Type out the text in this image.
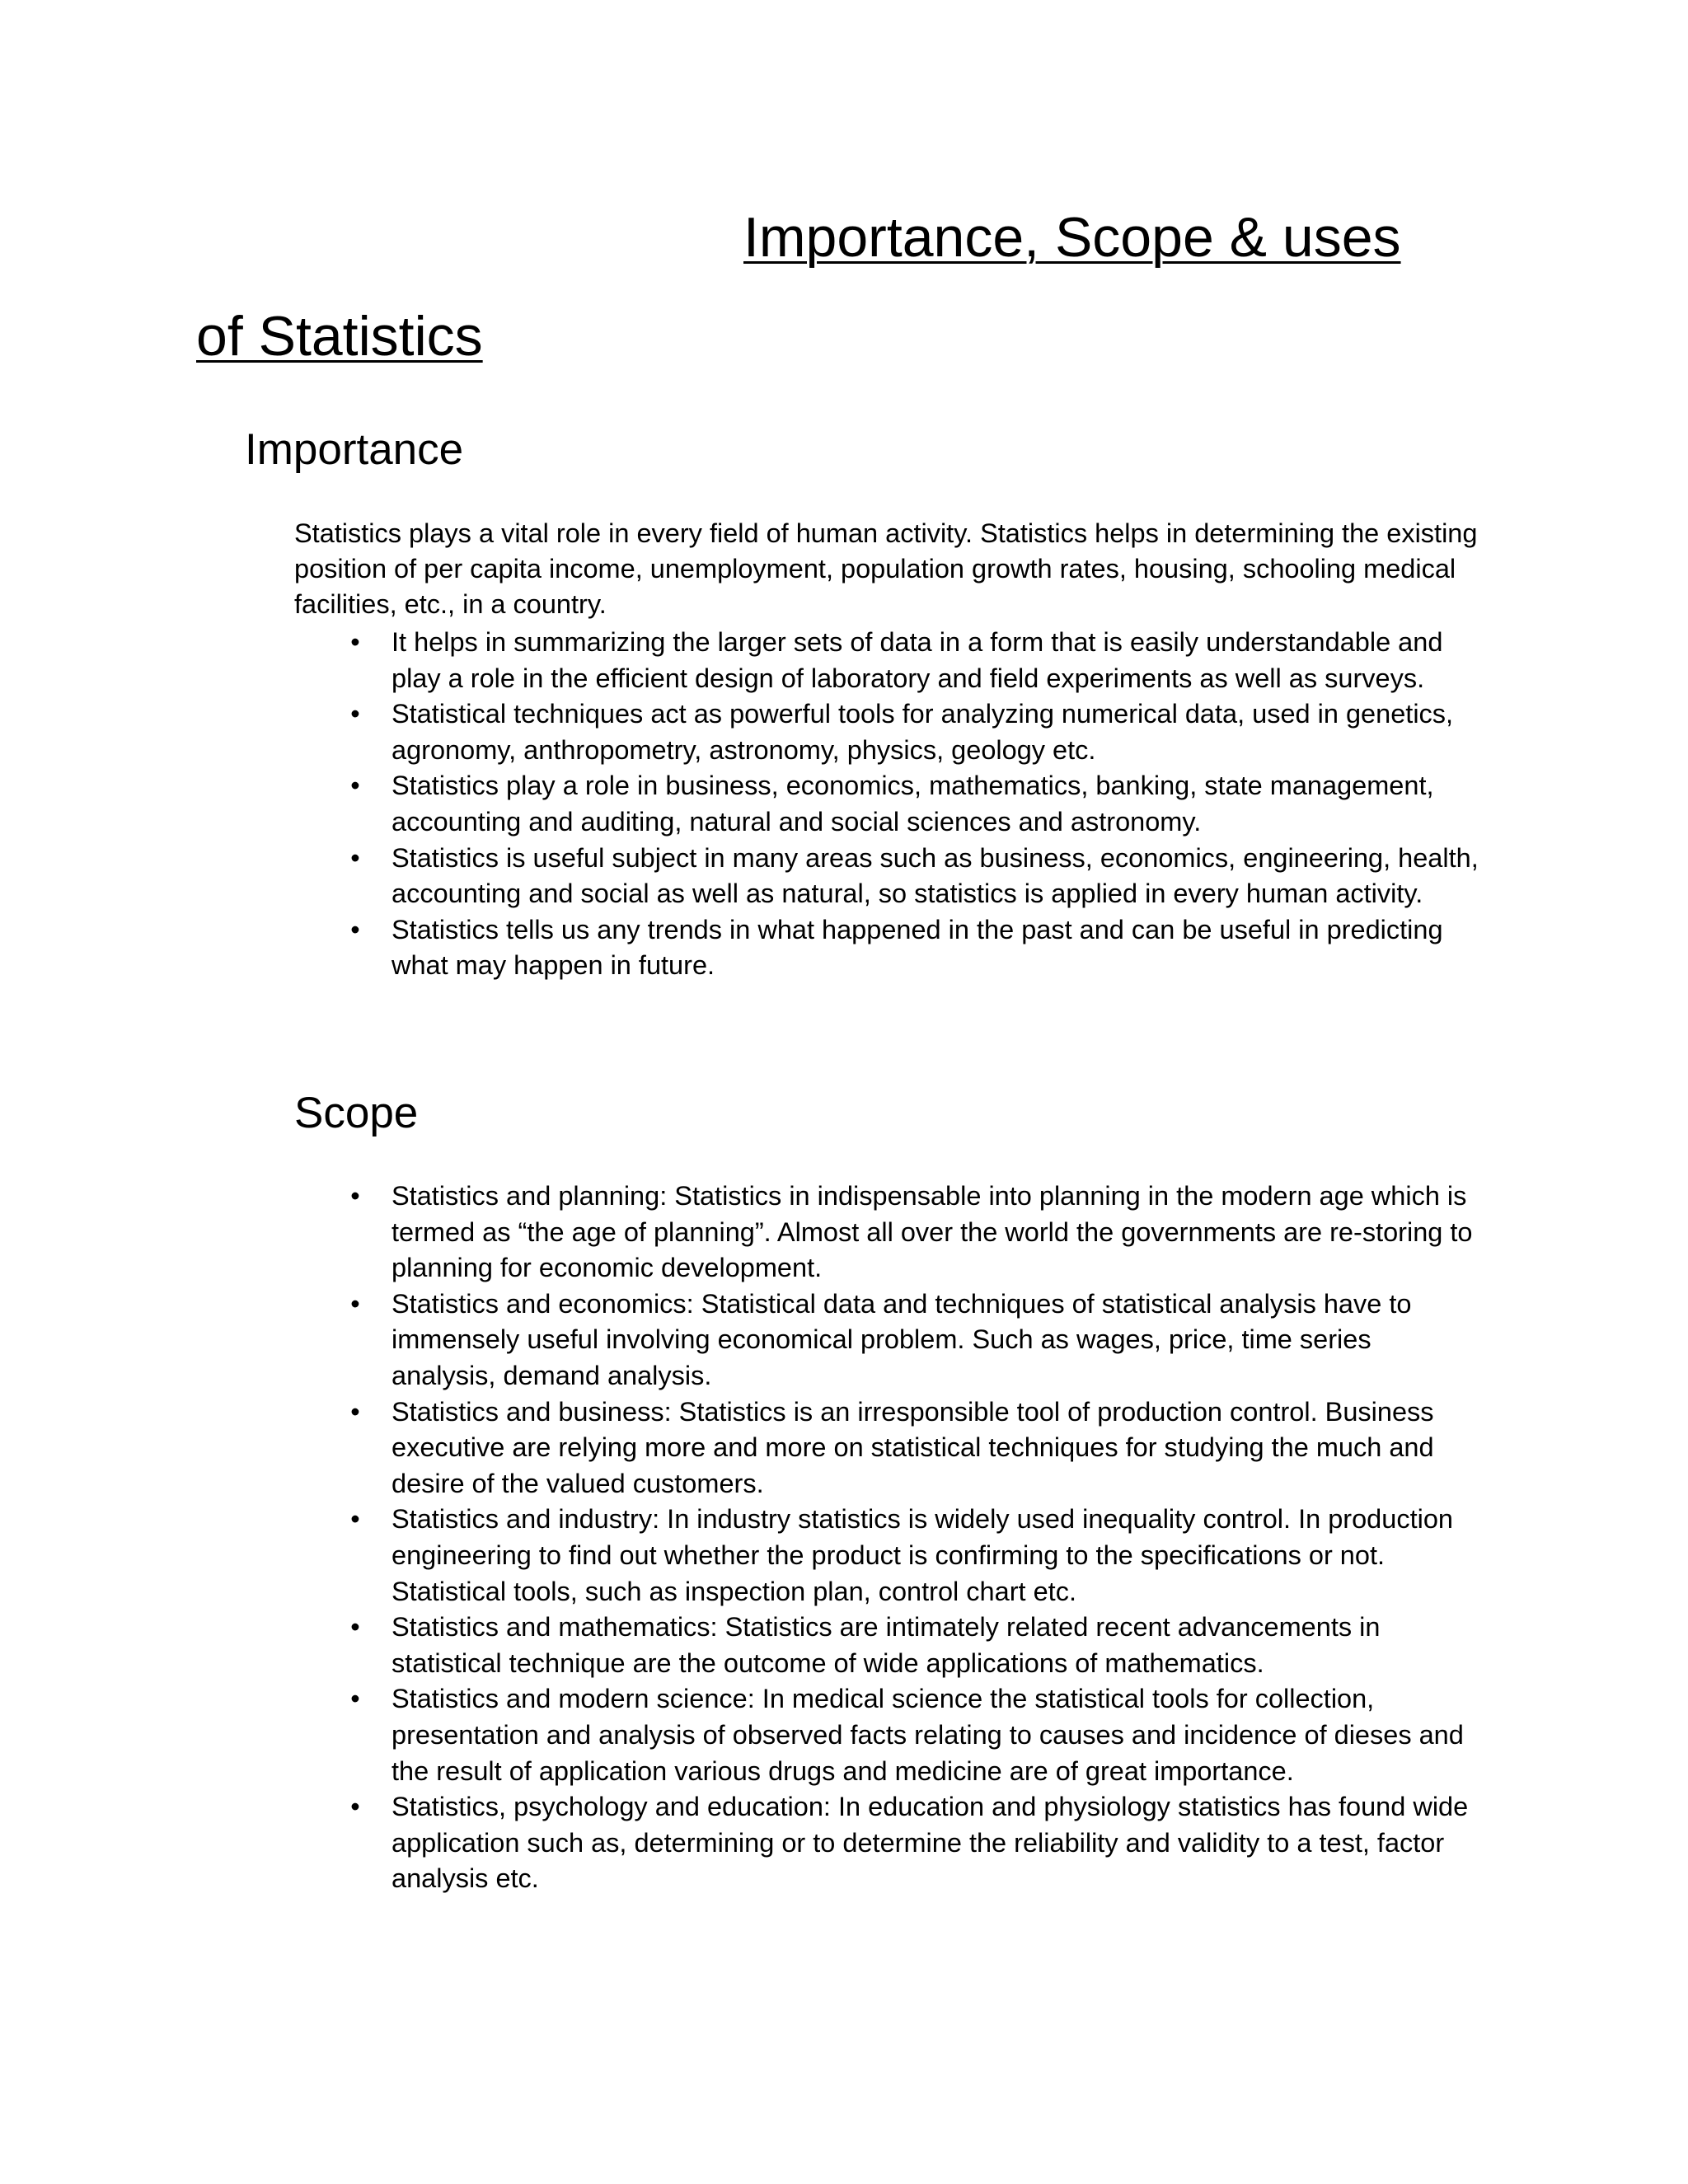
Importance, Scope & uses
of Statistics
Importance
Statistics plays a vital role in every field of human activity. Statistics helps in determining the existing position of per capita income, unemployment, population growth rates, housing, schooling medical facilities, etc., in a country.
• It helps in summarizing the larger sets of data in a form that is easily understandable and play a role in the efficient design of laboratory and field experiments as well as surveys.
• Statistical techniques act as powerful tools for analyzing numerical data, used in genetics, agronomy, anthropometry, astronomy, physics, geology etc.
• Statistics play a role in business, economics, mathematics, banking, state management, accounting and auditing, natural and social sciences and astronomy.
• Statistics is useful subject in many areas such as business, economics, engineering, health, accounting and social as well as natural, so statistics is applied in every human activity.
• Statistics tells us any trends in what happened in the past and can be useful in predicting what may happen in future.
Scope
• Statistics and planning: Statistics in indispensable into planning in the modern age which is termed as “the age of planning”. Almost all over the world the governments are re-storing to planning for economic development.
• Statistics and economics: Statistical data and techniques of statistical analysis have to immensely useful involving economical problem. Such as wages, price, time series analysis, demand analysis.
• Statistics and business: Statistics is an irresponsible tool of production control. Business executive are relying more and more on statistical techniques for studying the much and desire of the valued customers.
• Statistics and industry: In industry statistics is widely used inequality control. In production engineering to find out whether the product is confirming to the specifications or not. Statistical tools, such as inspection plan, control chart etc.
• Statistics and mathematics: Statistics are intimately related recent advancements in statistical technique are the outcome of wide applications of mathematics.
• Statistics and modern science: In medical science the statistical tools for collection, presentation and analysis of observed facts relating to causes and incidence of dieses and the result of application various drugs and medicine are of great importance.
• Statistics, psychology and education: In education and physiology statistics has found wide application such as, determining or to determine the reliability and validity to a test, factor analysis etc.
